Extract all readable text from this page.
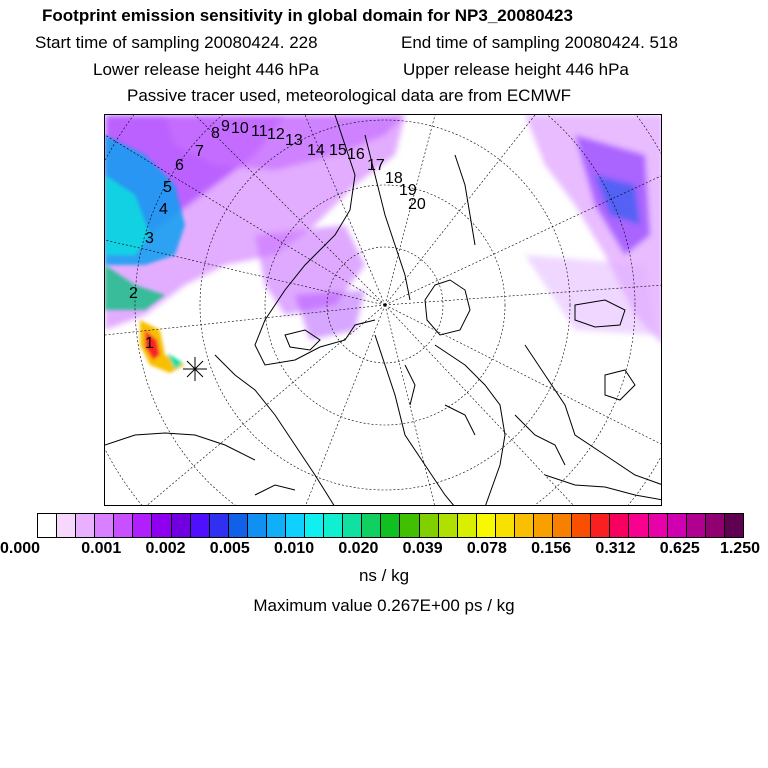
Footprint emission sensitivity in global domain for NP3_20080423
Start time of sampling 20080424. 228	End time of sampling 20080424. 518
Lower release height 446 hPa	Upper release height 446 hPa
Passive tracer used, meteorological data are from ECMWF
1
2
3
4
5
6
7
8 9 10 11 12 13
14 15 16
17
18
19
20
0.000	0.001 0.002 0.005 0.010 0.020 0.039 0.078 0.156 0.312 0.625 1.250
ns / kg
Maximum value 0.267E+00 ps / kg
